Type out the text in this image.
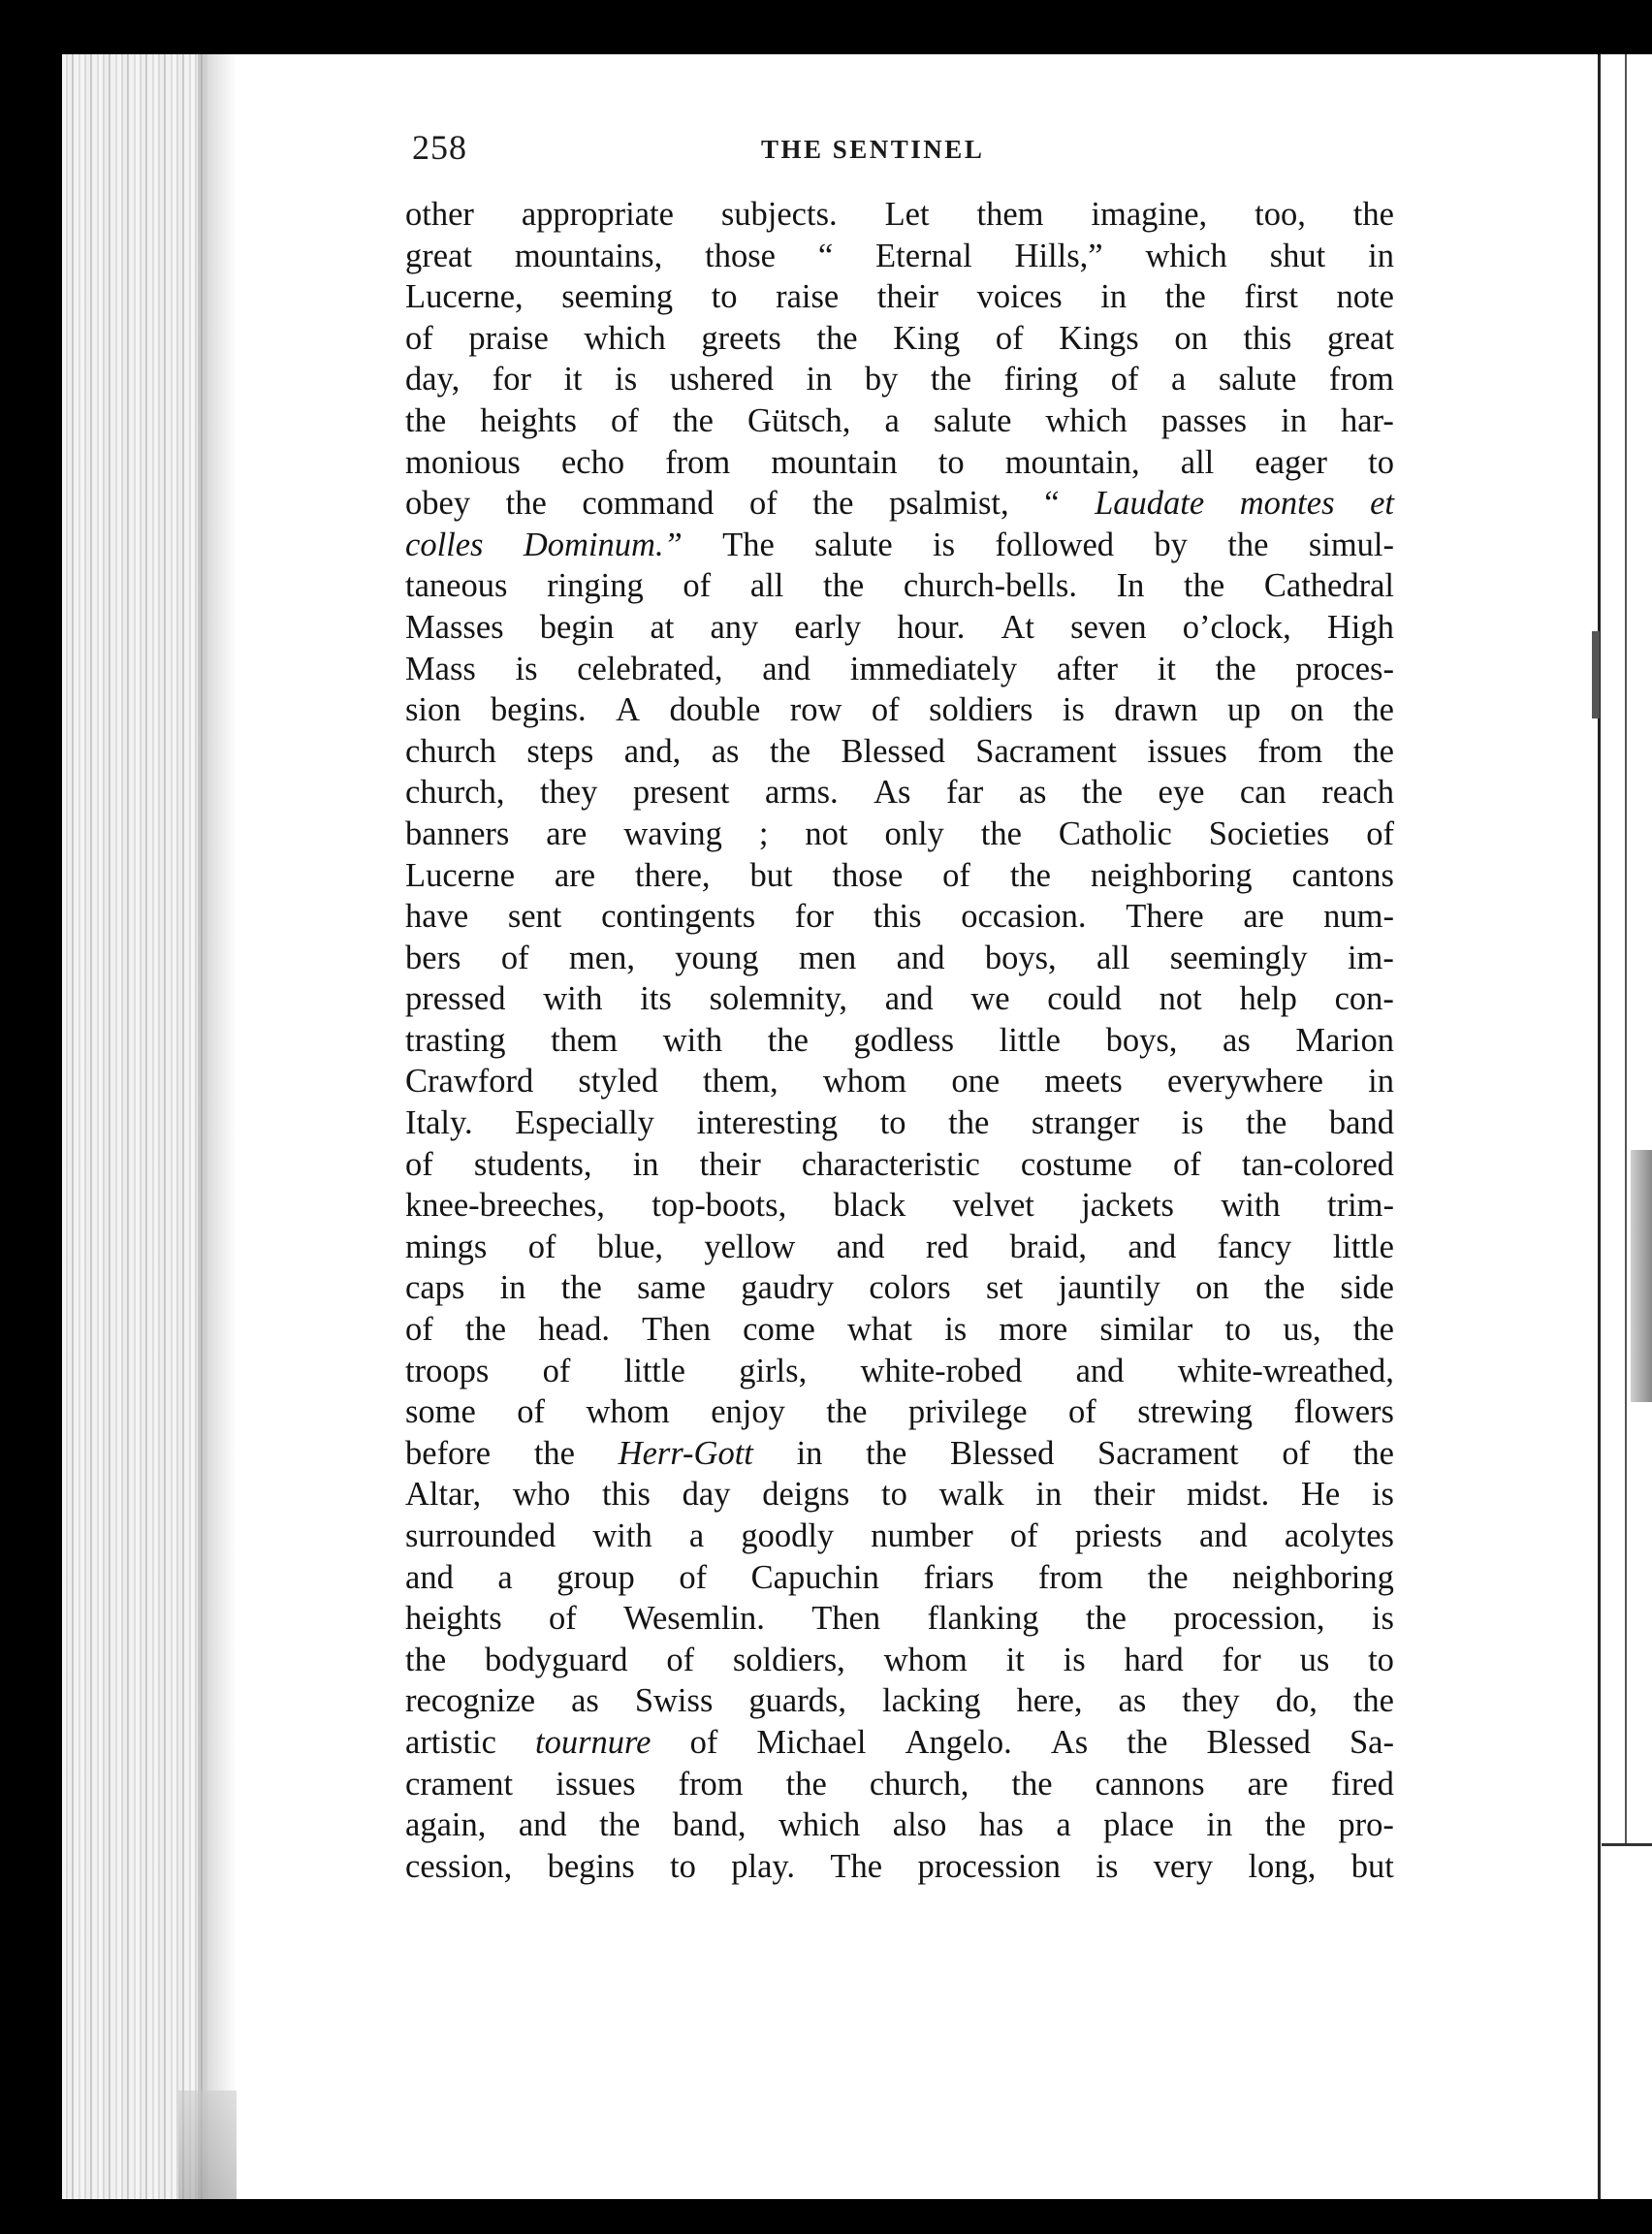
258	THE SENTINEL
other appropriate subjects. Let them imagine, too, the
great mountains, those “ Eternal Hills,” which shut in
Lucerne, seeming to raise their voices in the first note
of praise which greets the King of Kings on this great
day, for it is ushered in by the firing of a salute from
the heights of the Gütsch, a salute which passes in har-
monious echo from mountain to mountain, all eager to
obey the command of the psalmist, “ Laudate montes et
colles Dominum.” The salute is followed by the simul-
taneous ringing of all the church-bells. In the Cathedral
Masses begin at any early hour. At seven o’clock, High
Mass is celebrated, and immediately after it the proces-
sion begins. A double row of soldiers is drawn up on the
church steps and, as the Blessed Sacrament issues from the
church, they present arms. As far as the eye can reach
banners are waving ; not only the Catholic Societies of
Lucerne are there, but those of the neighboring cantons
have sent contingents for this occasion. There are num-
bers of men, young men and boys, all seemingly im-
pressed with its solemnity, and we could not help con-
trasting them with the godless little boys, as Marion
Crawford styled them, whom one meets everywhere in
Italy. Especially interesting to the stranger is the band
of students, in their characteristic costume of tan-colored
knee-breeches, top-boots, black velvet jackets with trim-
mings of blue, yellow and red braid, and fancy little
caps in the same gaudry colors set jauntily on the side
of the head. Then come what is more similar to us, the
troops of little girls, white-robed and white-wreathed,
some of whom enjoy the privilege of strewing flowers
before the Herr-Gott in the Blessed Sacrament of the
Altar, who this day deigns to walk in their midst. He is
surrounded with a goodly number of priests and acolytes
and a group of Capuchin friars from the neighboring
heights of Wesemlin. Then flanking the procession, is
the bodyguard of soldiers, whom it is hard for us to
recognize as Swiss guards, lacking here, as they do, the
artistic tournure of Michael Angelo. As the Blessed Sa-
crament issues from the church, the cannons are fired
again, and the band, which also has a place in the pro-
cession, begins to play. The procession is very long, but
